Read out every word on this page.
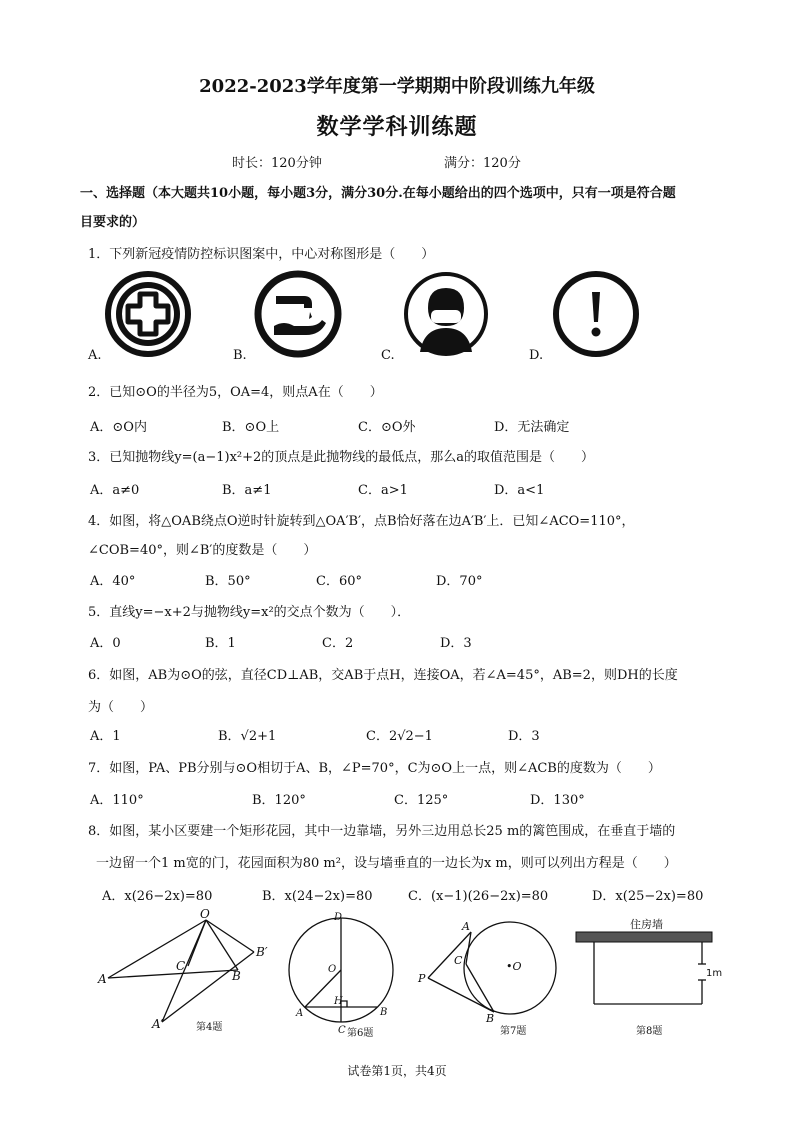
2022-2023学年度第一学期期中阶段训练九年级
数学学科训练题
时长：120分钟	满分：120分
一、选择题（本大题共10小题，每小题3分，满分30分.在每小题给出的四个选项中，只有一项是符合题
目要求的）
1．下列新冠疫情防控标识图案中，中心对称图形是（　　）
A.	B.	C.	D.
2．已知⊙O的半径为5，OA=4，则点A在（　　）
A．⊙O内	B．⊙O上	C．⊙O外	D．无法确定
3．已知抛物线y=(a−1)x²+2的顶点是此抛物线的最低点，那么a的取值范围是（　　）
A．a≠0	B．a≠1	C．a>1	D．a<1
4．如图，将△OAB绕点O逆时针旋转到△OA′B′，点B恰好落在边A′B′上．已知∠ACO=110°，
∠COB=40°，则∠B′的度数是（　　）
A．40°	B．50°	C．60°	D．70°
5．直线y=−x+2与抛物线y=x²的交点个数为（　　）．
A．0	B．1	C．2	D．3
6．如图，AB为⊙O的弦，直径CD⊥AB，交AB于点H，连接OA，若∠A=45°，AB=2，则DH的长度
为（　　）
A．1	B．√2+1	C．2√2−1	D．3
7．如图，PA、PB分别与⊙O相切于A、B，∠P=70°，C为⊙O上一点，则∠ACB的度数为（　　）
A．110°	B．120°	C．125°	D．130°
8．如图，某小区要建一个矩形花园，其中一边靠墙，另外三边用总长25 m的篱笆围成，在垂直于墙的
一边留一个1 m宽的门，花园面积为80 m²，设与墙垂直的一边长为x m，则可以列出方程是（　　）
A．x(26−2x)=80	B．x(24−2x)=80	C．(x−1)(26−2x)=80	D．x(25−2x)=80
O
B′
C
B
A
A′	第4题
D
O
H
A
C
B
第6题
A
C	•O
P
B
第7题
住房墙
1m
第8题
试卷第1页，共4页
